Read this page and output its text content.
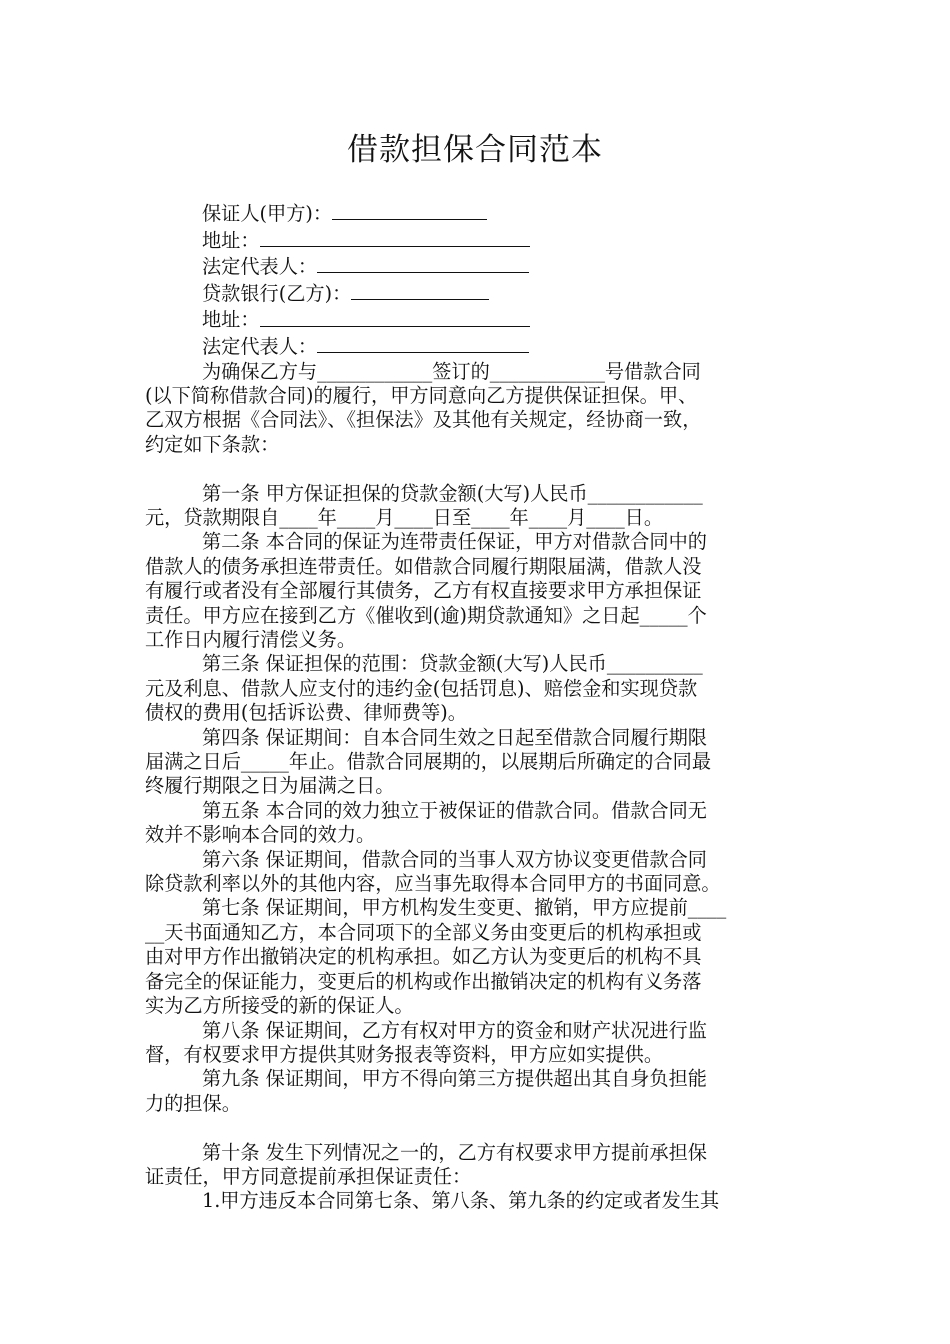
借款担保合同范本
保证人(甲方)：
地址：
法定代表人：
贷款银行(乙方)：
地址：
法定代表人：
为确保乙方与____________签订的____________号借款合同
(以下简称借款合同)的履行，甲方同意向乙方提供保证担保。甲、
乙双方根据《合同法》、《担保法》及其他有关规定，经协商一致，
约定如下条款：
第一条 甲方保证担保的贷款金额(大写)人民币____________
元，贷款期限自____年____月____日至____年____月____日。
第二条 本合同的保证为连带责任保证，甲方对借款合同中的
借款人的债务承担连带责任。如借款合同履行期限届满，借款人没
有履行或者没有全部履行其债务，乙方有权直接要求甲方承担保证
责任。甲方应在接到乙方《催收到(逾)期贷款通知》之日起_____个
工作日内履行清偿义务。
第三条 保证担保的范围：贷款金额(大写)人民币__________
元及利息、借款人应支付的违约金(包括罚息)、赔偿金和实现贷款
债权的费用(包括诉讼费、律师费等)。
第四条 保证期间：自本合同生效之日起至借款合同履行期限
届满之日后_____年止。借款合同展期的，以展期后所确定的合同最
终履行期限之日为届满之日。
第五条 本合同的效力独立于被保证的借款合同。借款合同无
效并不影响本合同的效力。
第六条 保证期间，借款合同的当事人双方协议变更借款合同
除贷款利率以外的其他内容，应当事先取得本合同甲方的书面同意。
第七条 保证期间，甲方机构发生变更、撤销，甲方应提前____
__天书面通知乙方，本合同项下的全部义务由变更后的机构承担或
由对甲方作出撤销决定的机构承担。如乙方认为变更后的机构不具
备完全的保证能力，变更后的机构或作出撤销决定的机构有义务落
实为乙方所接受的新的保证人。
第八条 保证期间，乙方有权对甲方的资金和财产状况进行监
督，有权要求甲方提供其财务报表等资料，甲方应如实提供。
第九条 保证期间，甲方不得向第三方提供超出其自身负担能
力的担保。
第十条 发生下列情况之一的，乙方有权要求甲方提前承担保
证责任，甲方同意提前承担保证责任：
1.甲方违反本合同第七条、第八条、第九条的约定或者发生其
